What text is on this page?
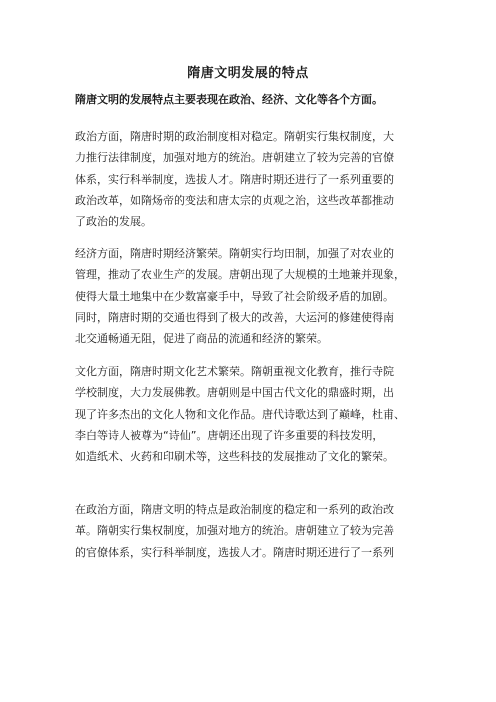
隋唐文明发展的特点
隋唐文明的发展特点主要表现在政治、经济、文化等各个方面。
政治方面，隋唐时期的政治制度相对稳定。隋朝实行集权制度，大
力推行法律制度，加强对地方的统治。唐朝建立了较为完善的官僚
体系，实行科举制度，选拔人才。隋唐时期还进行了一系列重要的
政治改革，如隋炀帝的变法和唐太宗的贞观之治，这些改革都推动
了政治的发展。
经济方面，隋唐时期经济繁荣。隋朝实行均田制，加强了对农业的
管理，推动了农业生产的发展。唐朝出现了大规模的土地兼并现象，
使得大量土地集中在少数富豪手中，导致了社会阶级矛盾的加剧。
同时，隋唐时期的交通也得到了极大的改善，大运河的修建使得南
北交通畅通无阻，促进了商品的流通和经济的繁荣。
文化方面，隋唐时期文化艺术繁荣。隋朝重视文化教育，推行寺院
学校制度，大力发展佛教。唐朝则是中国古代文化的鼎盛时期，出
现了许多杰出的文化人物和文化作品。唐代诗歌达到了巅峰，杜甫、
李白等诗人被尊为“诗仙”。唐朝还出现了许多重要的科技发明，
如造纸术、火药和印刷术等，这些科技的发展推动了文化的繁荣。
在政治方面，隋唐文明的特点是政治制度的稳定和一系列的政治改
革。隋朝实行集权制度，加强对地方的统治。唐朝建立了较为完善
的官僚体系，实行科举制度，选拔人才。隋唐时期还进行了一系列
